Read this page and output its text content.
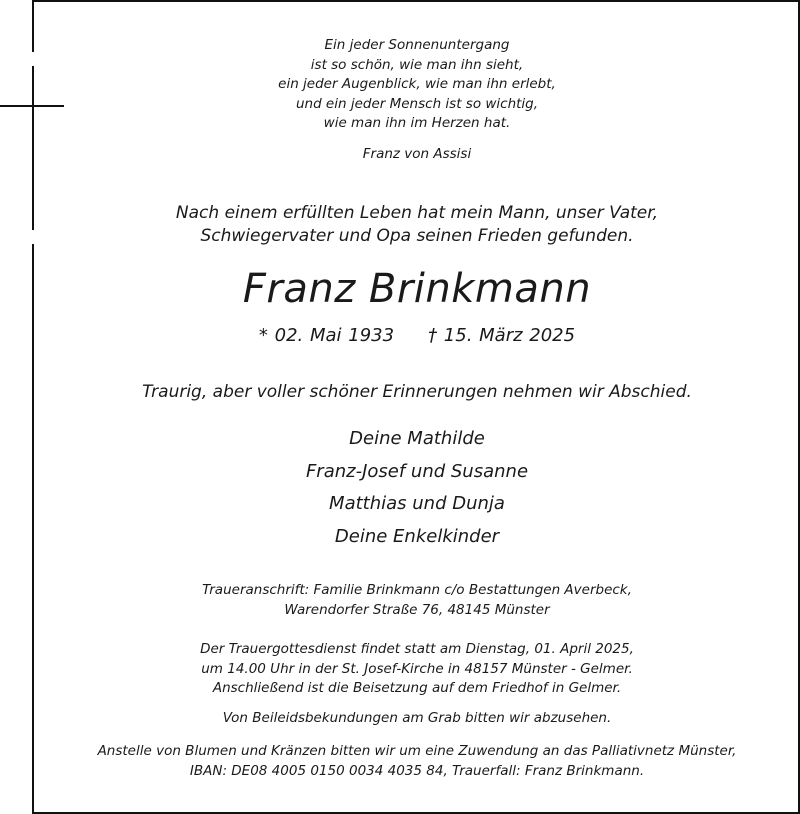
Ein jeder Sonnenuntergang
ist so schön, wie man ihn sieht,
ein jeder Augenblick, wie man ihn erlebt,
und ein jeder Mensch ist so wichtig,
wie man ihn im Herzen hat.
Franz von Assisi
Nach einem erfüllten Leben hat mein Mann, unser Vater,
Schwiegervater und Opa seinen Frieden gefunden.
Franz Brinkmann
* 02. Mai 1933 † 15. März 2025
Traurig, aber voller schöner Erinnerungen nehmen wir Abschied.
Deine Mathilde
Franz-Josef und Susanne
Matthias und Dunja
Deine Enkelkinder
Traueranschrift: Familie Brinkmann c/o Bestattungen Averbeck,
Warendorfer Straße 76, 48145 Münster
Der Trauergottesdienst findet statt am Dienstag, 01. April 2025,
um 14.00 Uhr in der St. Josef-Kirche in 48157 Münster - Gelmer.
Anschließend ist die Beisetzung auf dem Friedhof in Gelmer.
Von Beileidsbekundungen am Grab bitten wir abzusehen.
Anstelle von Blumen und Kränzen bitten wir um eine Zuwendung an das Palliativnetz Münster,
IBAN: DE08 4005 0150 0034 4035 84, Trauerfall: Franz Brinkmann.
